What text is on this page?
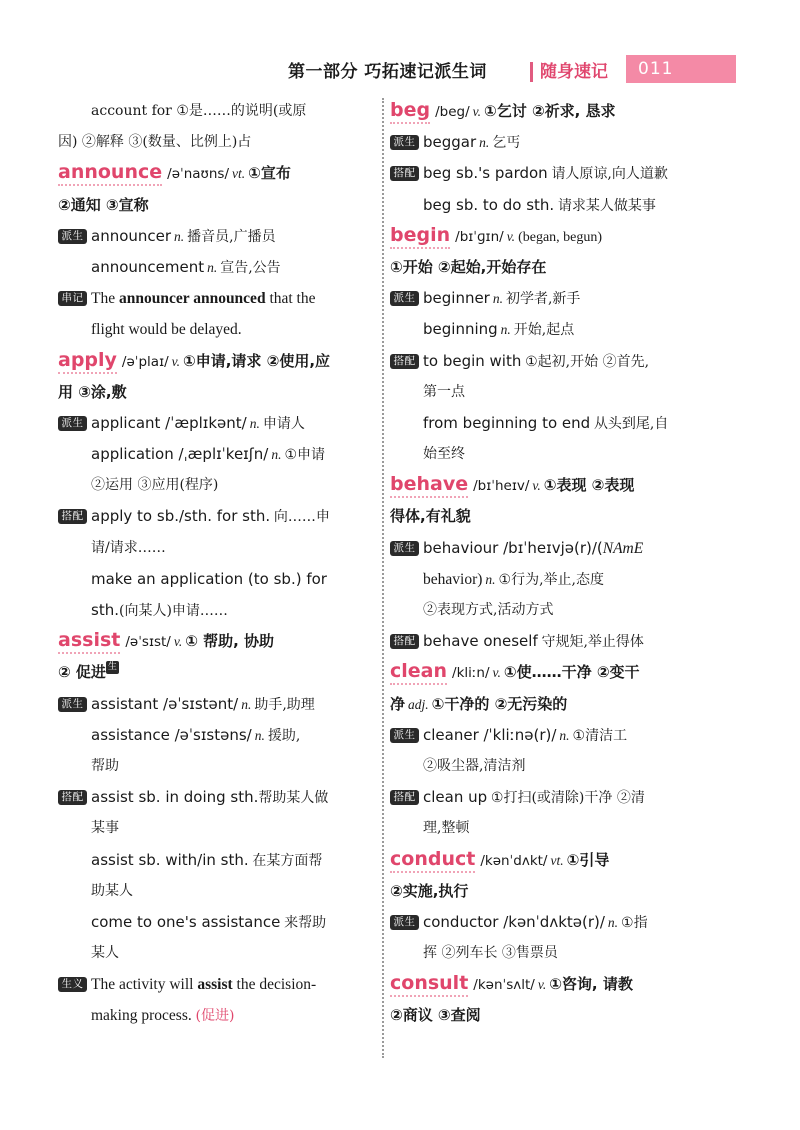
第一部分 巧拓速记派生词	随身速记 011
account for ①是……的说明(或原
因) ②解释 ③(数量、比例上)占
announce /əˈnaʊns/ vt. ①宣布
②通知 ③宣称
派生 announcer n. 播音员,广播员
announcement n. 宣告,公告
串记 The announcer announced that the
flight would be delayed.
apply /əˈplaɪ/ v. ①申请,请求 ②使用,应
用 ③涂,敷
派生 applicant /ˈæplɪkənt/ n. 申请人
application /ˌæplɪˈkeɪʃn/ n. ①申请
②运用 ③应用(程序)
搭配 apply to sb./sth. for sth. 向……申
请/请求……
make an application (to sb.) for
sth.(向某人)申请……
assist /əˈsɪst/ v. ① 帮助, 协助
② 促进 生
派生 assistant /əˈsɪstənt/ n. 助手,助理
assistance /əˈsɪstəns/ n. 援助,
帮助
搭配 assist sb. in doing sth.帮助某人做
某事
assist sb. with/in sth. 在某方面帮
助某人
come to one's assistance 来帮助
某人
生义 The activity will assist the decision-
making process. (促进)
beg /beg/ v. ①乞讨 ②祈求, 恳求
派生 beggar n. 乞丐
搭配 beg sb.'s pardon 请人原谅,向人道歉
beg sb. to do sth. 请求某人做某事
begin /bɪˈɡɪn/ v. (began, begun)
①开始 ②起始,开始存在
派生 beginner n. 初学者,新手
beginning n. 开始,起点
搭配 to begin with ①起初,开始 ②首先,
第一点
from beginning to end 从头到尾,自
始至终
behave /bɪˈheɪv/ v. ①表现 ②表现
得体,有礼貌
派生 behaviour /bɪˈheɪvjə(r)/(NAmE
behavior) n. ①行为,举止,态度
②表现方式,活动方式
搭配 behave oneself 守规矩,举止得体
clean /kliːn/ v. ①使……干净 ②变干
净 adj. ①干净的 ②无污染的
派生 cleaner /ˈkliːnə(r)/ n. ①清洁工
②吸尘器,清洁剂
搭配 clean up ①打扫(或清除)干净 ②清
理,整顿
conduct /kənˈdʌkt/ vt. ①引导
②实施,执行
派生 conductor /kənˈdʌktə(r)/ n. ①指
挥 ②列车长 ③售票员
consult /kənˈsʌlt/ v. ①咨询, 请教
②商议 ③查阅
